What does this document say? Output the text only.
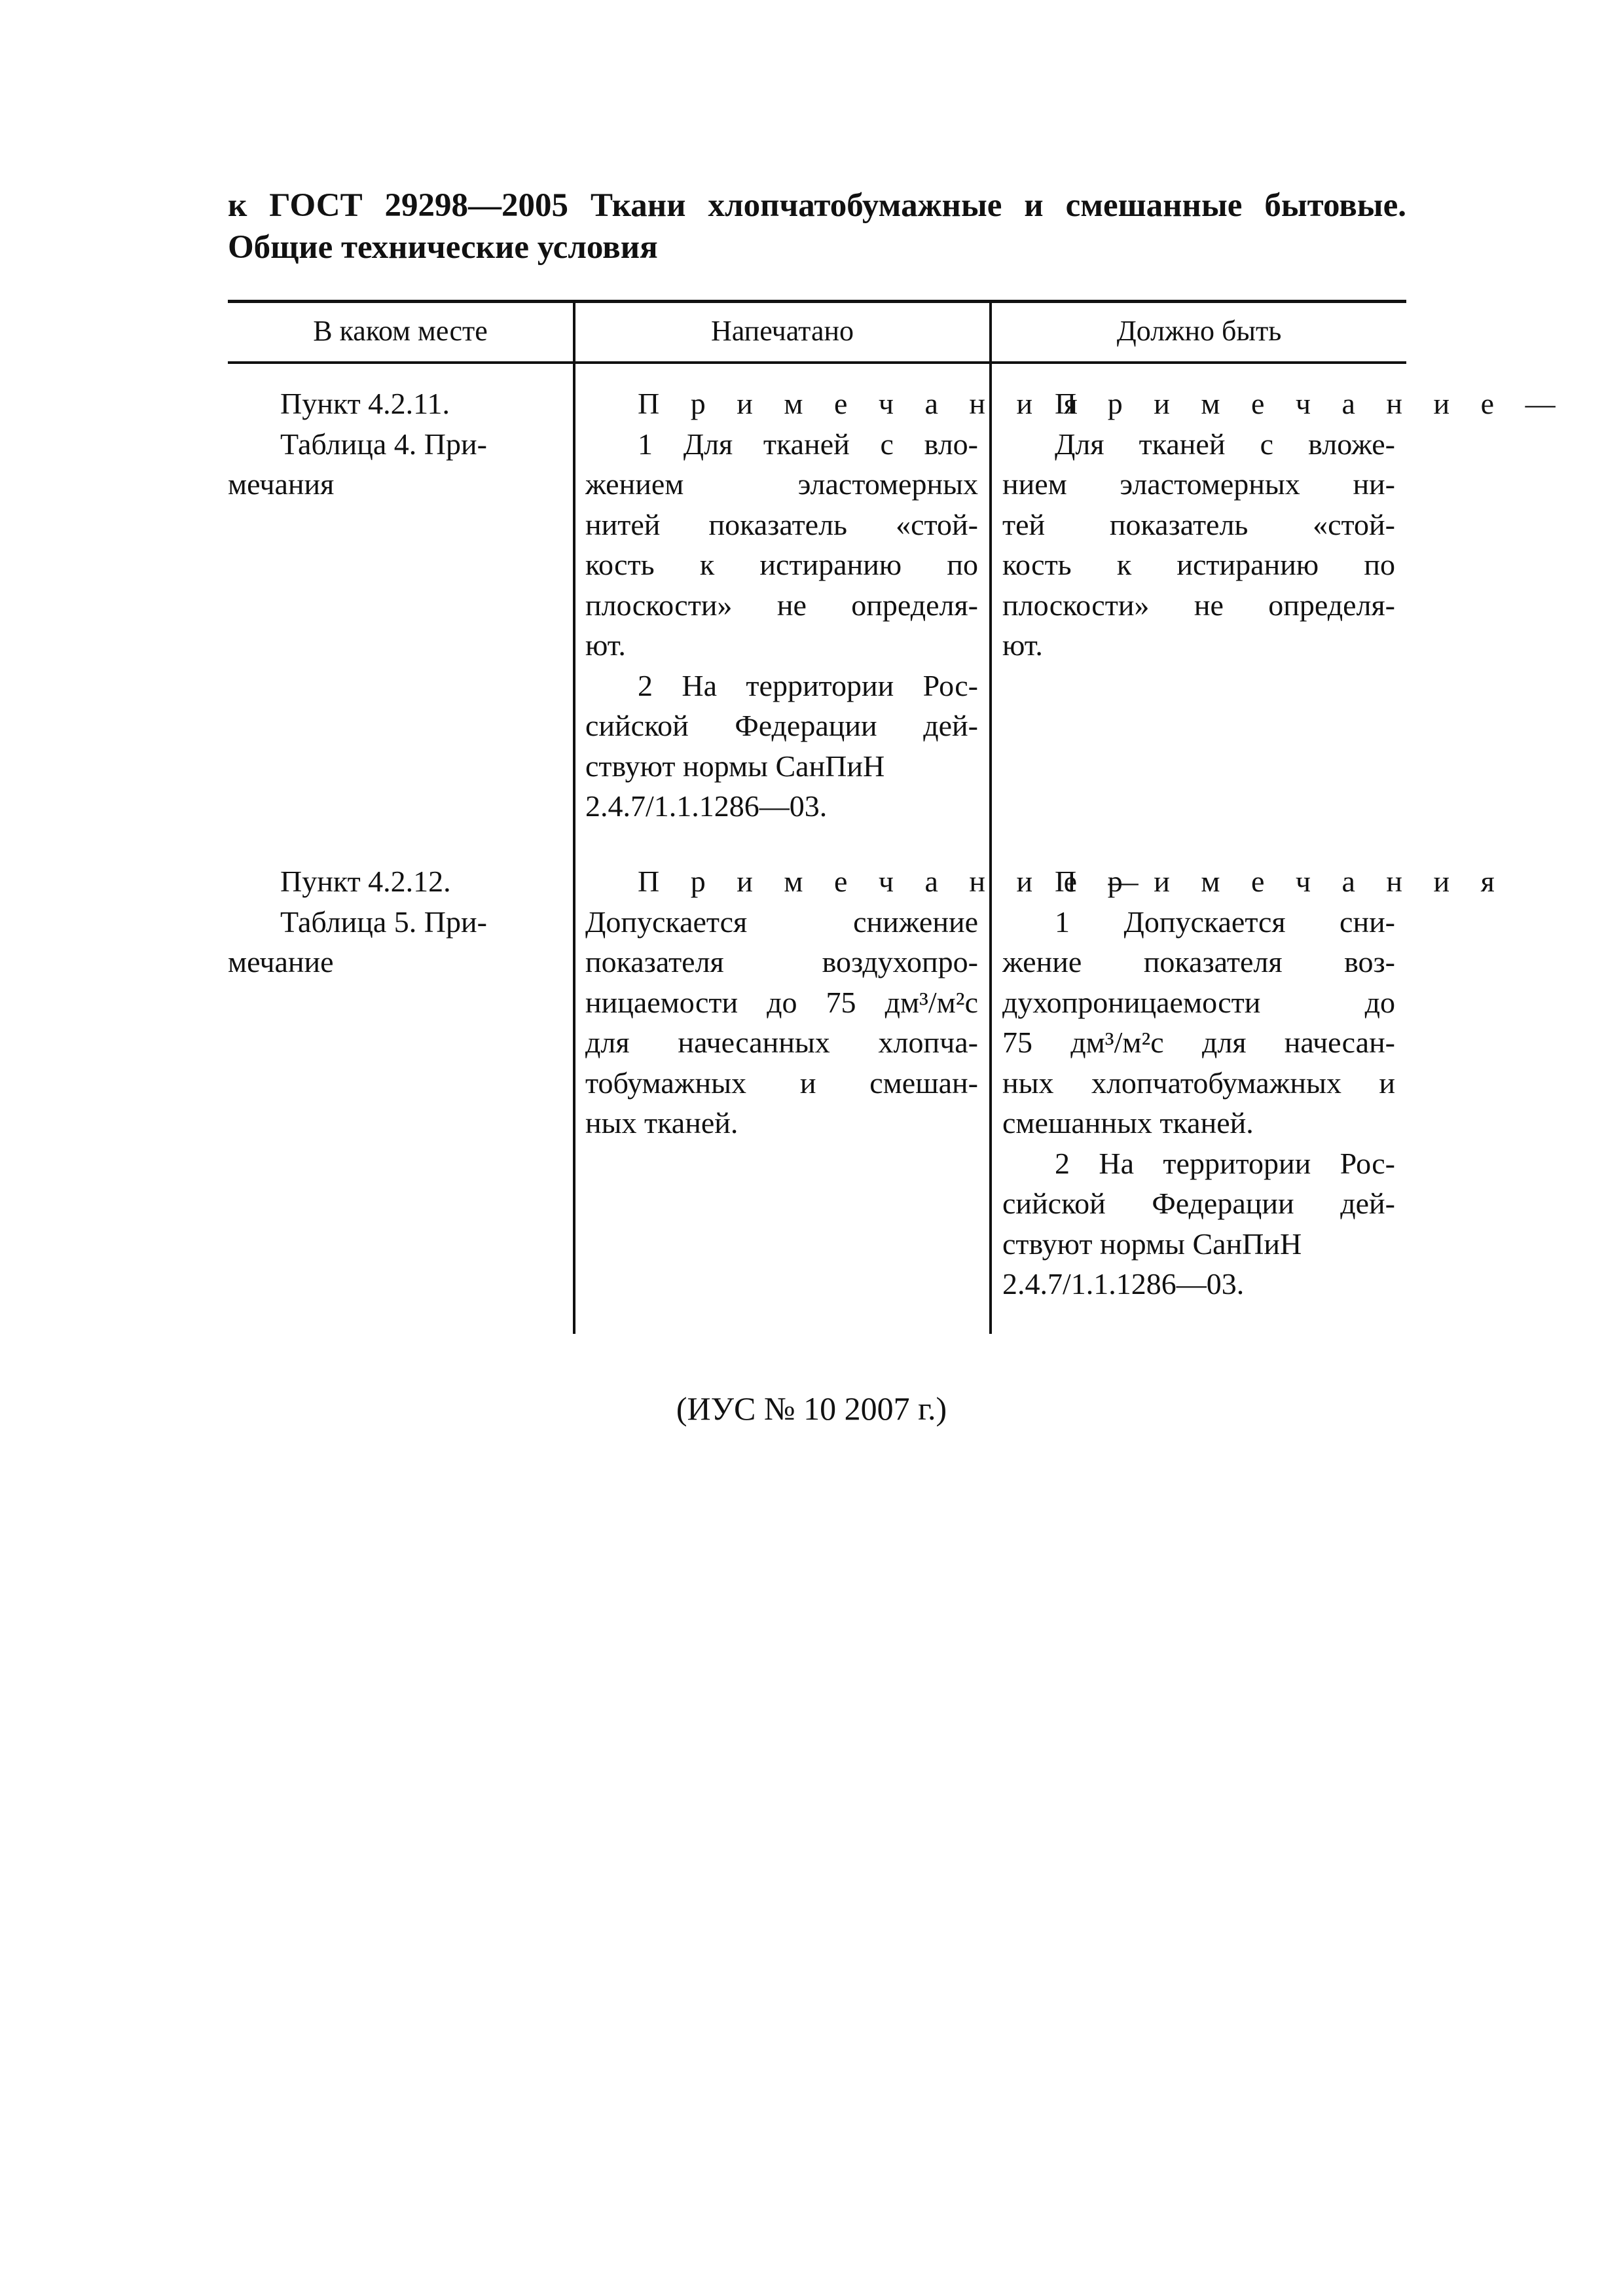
к ГОСТ 29298—2005 Ткани хлопчатобумажные и смешанные бытовые.
Общие технические условия
В каком месте	Напечатано	Должно быть
Пункт 4.2.11.
Таблица 4. При-
мечания
П р и м е ч а н и я
1 Для тканей с вло-
жением эластомерных
нитей показатель «стой-
кость к истиранию по
плоскости» не определя-
ют.
2 На территории Рос-
сийской Федерации дей-
ствуют нормы СанПиН
2.4.7/1.1.1286—03.
П р и м е ч а н и е —
Для тканей с вложе-
нием эластомерных ни-
тей показатель «стой-
кость к истиранию по
плоскости» не определя-
ют.
Пункт 4.2.12.
Таблица 5. При-
мечание
П р и м е ч а н и е —
Допускается снижение
показателя воздухопро-
ницаемости до 75 дм³/м²с
для начесанных хлопча-
тобумажных и смешан-
ных тканей.
П р и м е ч а н и я
1 Допускается сни-
жение показателя воз-
духопроницаемости до
75 дм³/м²с для начесан-
ных хлопчатобумажных и
смешанных тканей.
2 На территории Рос-
сийской Федерации дей-
ствуют нормы СанПиН
2.4.7/1.1.1286—03.
(ИУС № 10 2007 г.)
